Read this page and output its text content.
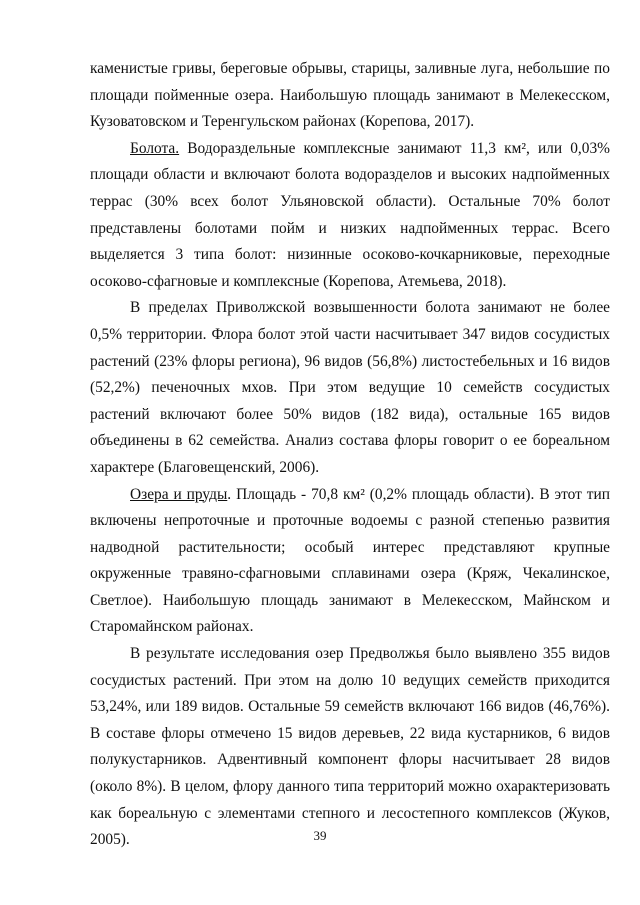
каменистые гривы, береговые обрывы, старицы, заливные луга, небольшие по площади пойменные озера. Наибольшую площадь занимают в Мелекесском, Кузоватовском и Теренгульском районах (Корепова, 2017).

Болота. Водораздельные комплексные занимают 11,3 км², или 0,03% площади области и включают болота водоразделов и высоких надпойменных террас (30% всех болот Ульяновской области). Остальные 70% болот представлены болотами пойм и низких надпойменных террас. Всего выделяется 3 типа болот: низинные осоково-кочкарниковые, переходные осоково-сфагновые и комплексные (Корепова, Атемьева, 2018).

В пределах Приволжской возвышенности болота занимают не более 0,5% территории. Флора болот этой части насчитывает 347 видов сосудистых растений (23% флоры региона), 96 видов (56,8%) листостебельных и 16 видов (52,2%) печеночных мхов. При этом ведущие 10 семейств сосудистых растений включают более 50% видов (182 вида), остальные 165 видов объединены в 62 семейства. Анализ состава флоры говорит о ее бореальном характере (Благовещенский, 2006).

Озера и пруды. Площадь - 70,8 км² (0,2% площадь области). В этот тип включены непроточные и проточные водоемы с разной степенью развития надводной растительности; особый интерес представляют крупные окруженные травяно-сфагновыми сплавинами озера (Кряж, Чекалинское, Светлое). Наибольшую площадь занимают в Мелекесском, Майнском и Старомайнском районах.

В результате исследования озер Предволжья было выявлено 355 видов сосудистых растений. При этом на долю 10 ведущих семейств приходится 53,24%, или 189 видов. Остальные 59 семейств включают 166 видов (46,76%). В составе флоры отмечено 15 видов деревьев, 22 вида кустарников, 6 видов полукустарников. Адвентивный компонент флоры насчитывает 28 видов (около 8%). В целом, флору данного типа территорий можно охарактеризовать как бореальную с элементами степного и лесостепного комплексов (Жуков, 2005).	39
